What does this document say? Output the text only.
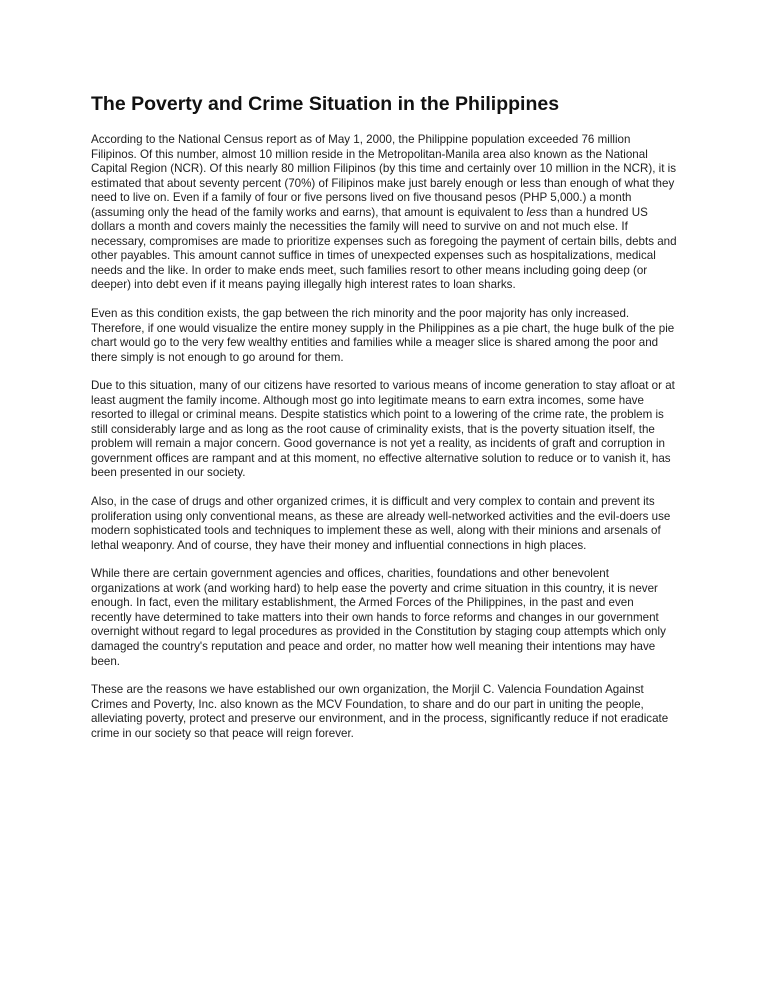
The Poverty and Crime Situation in the Philippines

According to the National Census report as of May 1, 2000, the Philippine population exceeded 76 million Filipinos. Of this number, almost 10 million reside in the Metropolitan-Manila area also known as the National Capital Region (NCR). Of this nearly 80 million Filipinos (by this time and certainly over 10 million in the NCR), it is estimated that about seventy percent (70%) of Filipinos make just barely enough or less than enough of what they need to live on. Even if a family of four or five persons lived on five thousand pesos (PHP 5,000.) a month (assuming only the head of the family works and earns), that amount is equivalent to less than a hundred US dollars a month and covers mainly the necessities the family will need to survive on and not much else. If necessary, compromises are made to prioritize expenses such as foregoing the payment of certain bills, debts and other payables. This amount cannot suffice in times of unexpected expenses such as hospitalizations, medical needs and the like. In order to make ends meet, such families resort to other means including going deep (or deeper) into debt even if it means paying illegally high interest rates to loan sharks.

Even as this condition exists, the gap between the rich minority and the poor majority has only increased. Therefore, if one would visualize the entire money supply in the Philippines as a pie chart, the huge bulk of the pie chart would go to the very few wealthy entities and families while a meager slice is shared among the poor and there simply is not enough to go around for them.

Due to this situation, many of our citizens have resorted to various means of income generation to stay afloat or at least augment the family income. Although most go into legitimate means to earn extra incomes, some have resorted to illegal or criminal means. Despite statistics which point to a lowering of the crime rate, the problem is still considerably large and as long as the root cause of criminality exists, that is the poverty situation itself, the problem will remain a major concern. Good governance is not yet a reality, as incidents of graft and corruption in government offices are rampant and at this moment, no effective alternative solution to reduce or to vanish it, has been presented in our society.

Also, in the case of drugs and other organized crimes, it is difficult and very complex to contain and prevent its proliferation using only conventional means, as these are already well-networked activities and the evil-doers use modern sophisticated tools and techniques to implement these as well, along with their minions and arsenals of lethal weaponry. And of course, they have their money and influential connections in high places.

While there are certain government agencies and offices, charities, foundations and other benevolent organizations at work (and working hard) to help ease the poverty and crime situation in this country, it is never enough. In fact, even the military establishment, the Armed Forces of the Philippines, in the past and even recently have determined to take matters into their own hands to force reforms and changes in our government overnight without regard to legal procedures as provided in the Constitution by staging coup attempts which only damaged the country's reputation and peace and order, no matter how well meaning their intentions may have been.

These are the reasons we have established our own organization, the Morjil C. Valencia Foundation Against Crimes and Poverty, Inc. also known as the MCV Foundation, to share and do our part in uniting the people, alleviating poverty, protect and preserve our environment, and in the process, significantly reduce if not eradicate crime in our society so that peace will reign forever.
